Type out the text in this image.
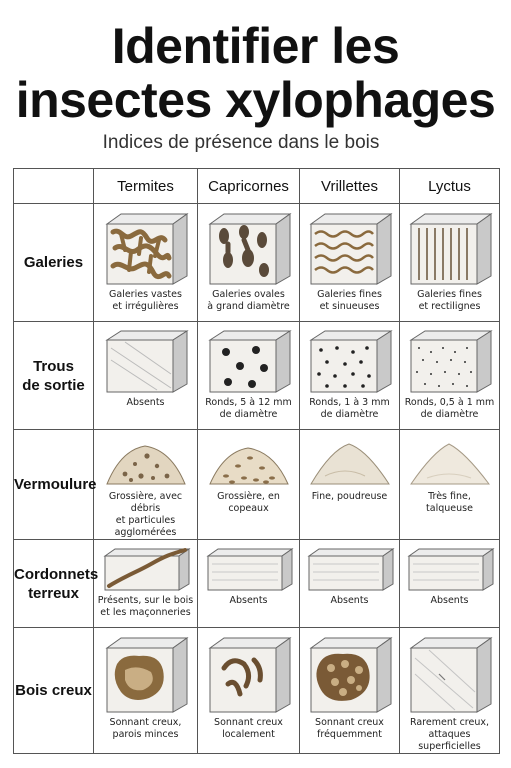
Identifier les
insectes xylophages
Indices de présence dans le bois
	Termites	Capricornes	Vrillettes	Lyctus
Galeries	Galeries vastes
et irrégulières	Galeries ovales
à grand diamètre	Galeries fines
et sinueuses	Galeries fines
et rectilignes

Trous
de sortie	Absents	Ronds, 5 à 12 mm
de diamètre	Ronds, 1 à 3 mm
de diamètre	Ronds, 0,5 à 1 mm
de diamètre

Vermoulure	Grossière, avec débris
et particules agglomérées	Grossière, en copeaux	Fine, poudreuse	Très fine,
talqueuse

Cordonnets
terreux	Présents, sur le bois
et les maçonneries	Absents	Absents	Absents

Bois creux	Sonnant creux,
parois minces	Sonnant creux
localement	Sonnant creux
fréquemment	Rarement creux,
attaques superficielles
